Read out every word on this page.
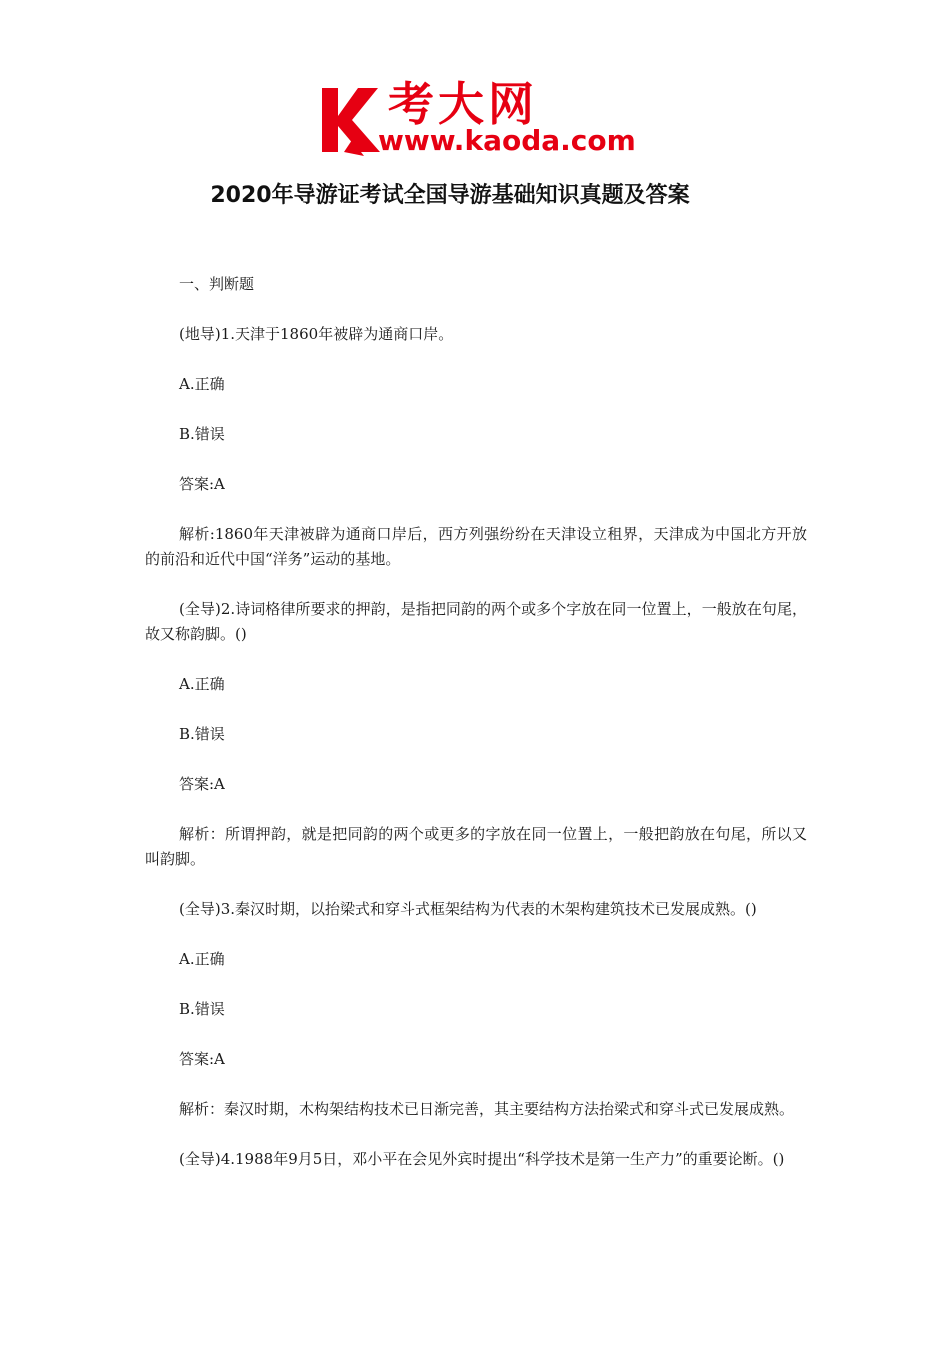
考大网
www.kaoda.com
2020年导游证考试全国导游基础知识真题及答案

一、判断题

(地导)1.天津于1860年被辟为通商口岸。

A.正确

B.错误

答案:A

解析:1860年天津被辟为通商口岸后，西方列强纷纷在天津设立租界，天津成为中国北方开放的前沿和近代中国“洋务”运动的基地。

(全导)2.诗词格律所要求的押韵，是指把同韵的两个或多个字放在同一位置上，一般放在句尾，故又称韵脚。()

A.正确

B.错误

答案:A

解析：所谓押韵，就是把同韵的两个或更多的字放在同一位置上，一般把韵放在句尾，所以又叫韵脚。

(全导)3.秦汉时期，以抬梁式和穿斗式框架结构为代表的木架构建筑技术已发展成熟。()

A.正确

B.错误

答案:A

解析：秦汉时期，木构架结构技术已日渐完善，其主要结构方法抬梁式和穿斗式已发展成熟。

(全导)4.1988年9月5日，邓小平在会见外宾时提出“科学技术是第一生产力”的重要论断。()
